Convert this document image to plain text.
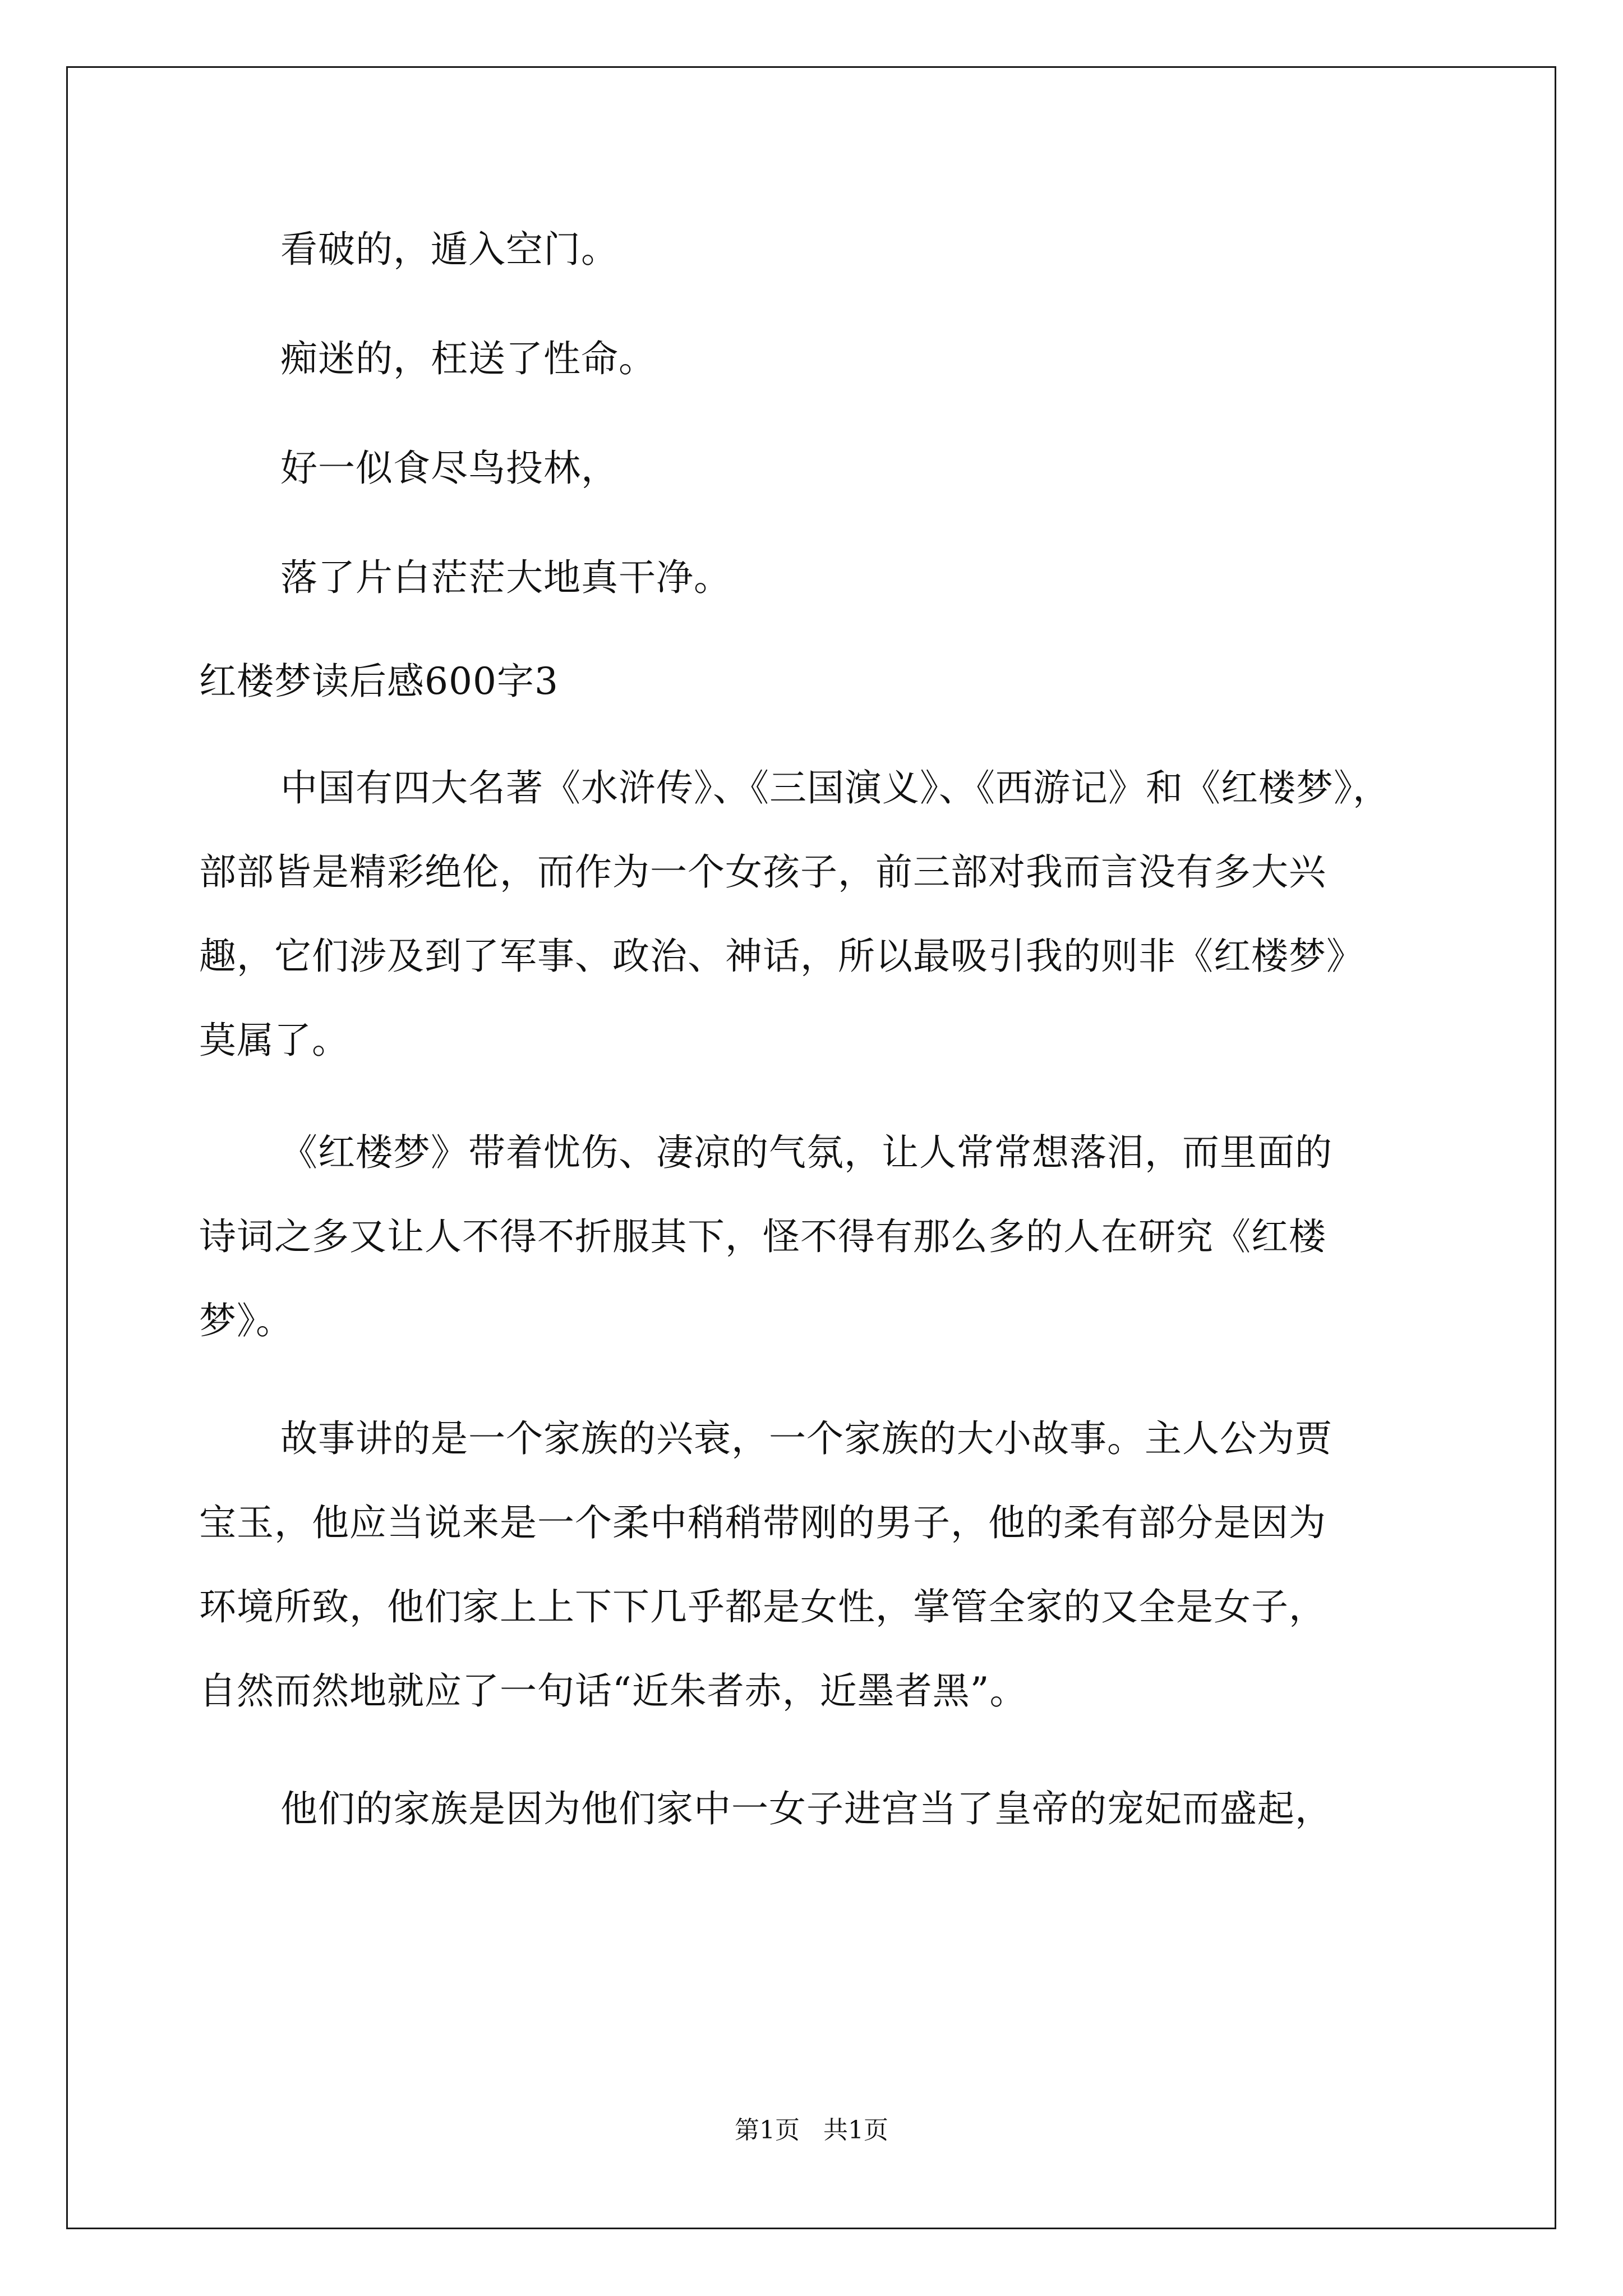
看破的，遁入空门。
痴迷的，枉送了性命。
好一似食尽鸟投林，
落了片白茫茫大地真干净。
红楼梦读后感600字3
中国有四大名著《水浒传》、《三国演义》、《西游记》和《红楼梦》，
部部皆是精彩绝伦，而作为一个女孩子，前三部对我而言没有多大兴
趣，它们涉及到了军事、政治、神话，所以最吸引我的则非《红楼梦》
莫属了。
《红楼梦》带着忧伤、凄凉的气氛，让人常常想落泪，而里面的
诗词之多又让人不得不折服其下，怪不得有那么多的人在研究《红楼
梦》。
故事讲的是一个家族的兴衰，一个家族的大小故事。主人公为贾
宝玉，他应当说来是一个柔中稍稍带刚的男子，他的柔有部分是因为
环境所致，他们家上上下下几乎都是女性，掌管全家的又全是女子，
自然而然地就应了一句话“近朱者赤，近墨者黑”。
他们的家族是因为他们家中一女子进宫当了皇帝的宠妃而盛起，
第1页   共1页
